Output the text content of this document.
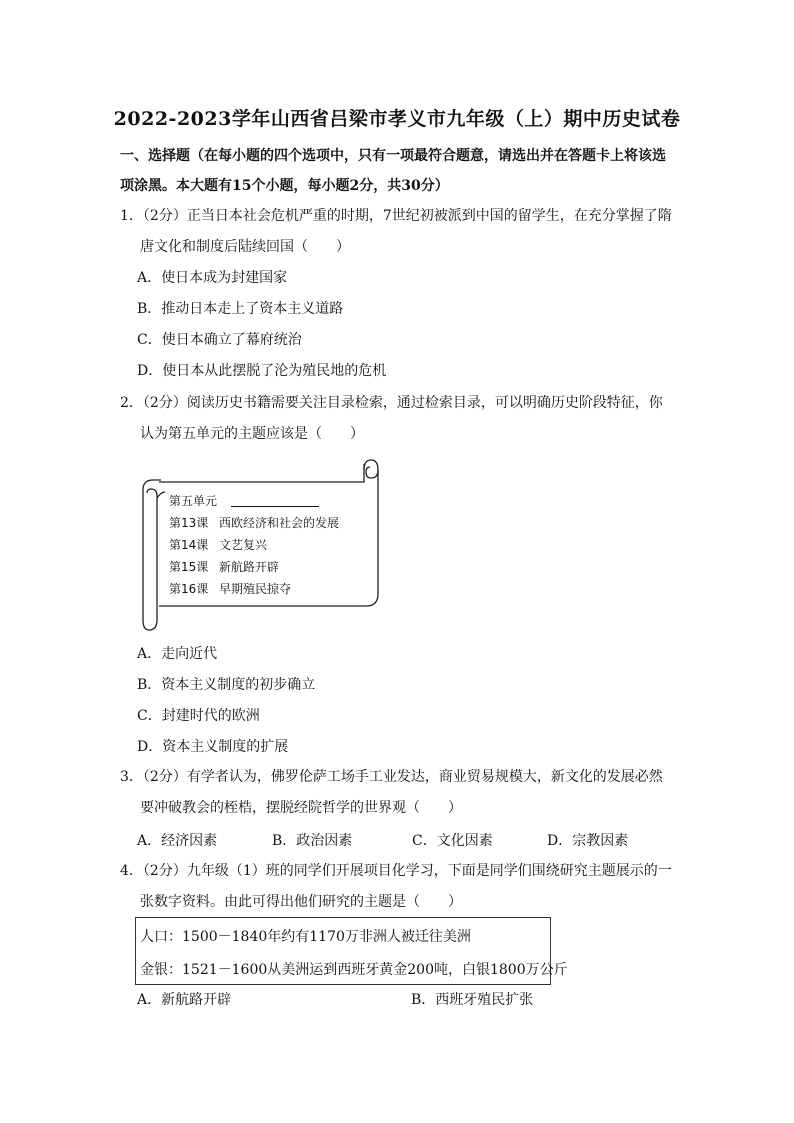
2022-2023学年山西省吕梁市孝义市九年级（上）期中历史试卷
一、选择题（在每小题的四个选项中，只有一项最符合题意，请选出并在答题卡上将该选
项涂黑。本大题有15个小题，每小题2分，共30分）
1．（2分）正当日本社会危机严重的时期，7世纪初被派到中国的留学生，在充分掌握了隋
唐文化和制度后陆续回国（　　）
A．使日本成为封建国家
B．推动日本走上了资本主义道路
C．使日本确立了幕府统治
D．使日本从此摆脱了沦为殖民地的危机
2．（2分）阅读历史书籍需要关注目录检索，通过检索目录，可以明确历史阶段特征，你
认为第五单元的主题应该是（　　）
第五单元
第13课 西欧经济和社会的发展
第14课 文艺复兴
第15课 新航路开辟
第16课 早期殖民掠夺
A．走向近代
B．资本主义制度的初步确立
C．封建时代的欧洲
D．资本主义制度的扩展
3．（2分）有学者认为，佛罗伦萨工场手工业发达，商业贸易规模大，新文化的发展必然
要冲破教会的桎梏，摆脱经院哲学的世界观（　　）
A．经济因素	B．政治因素	C．文化因素	D．宗教因素
4．（2分）九年级（1）班的同学们开展项目化学习，下面是同学们围绕研究主题展示的一
张数字资料。由此可得出他们研究的主题是（　　）
人口：1500－1840年约有1170万非洲人被迁往美洲
金银：1521－1600从美洲运到西班牙黄金200吨，白银1800万公斤
A．新航路开辟	B．西班牙殖民扩张
